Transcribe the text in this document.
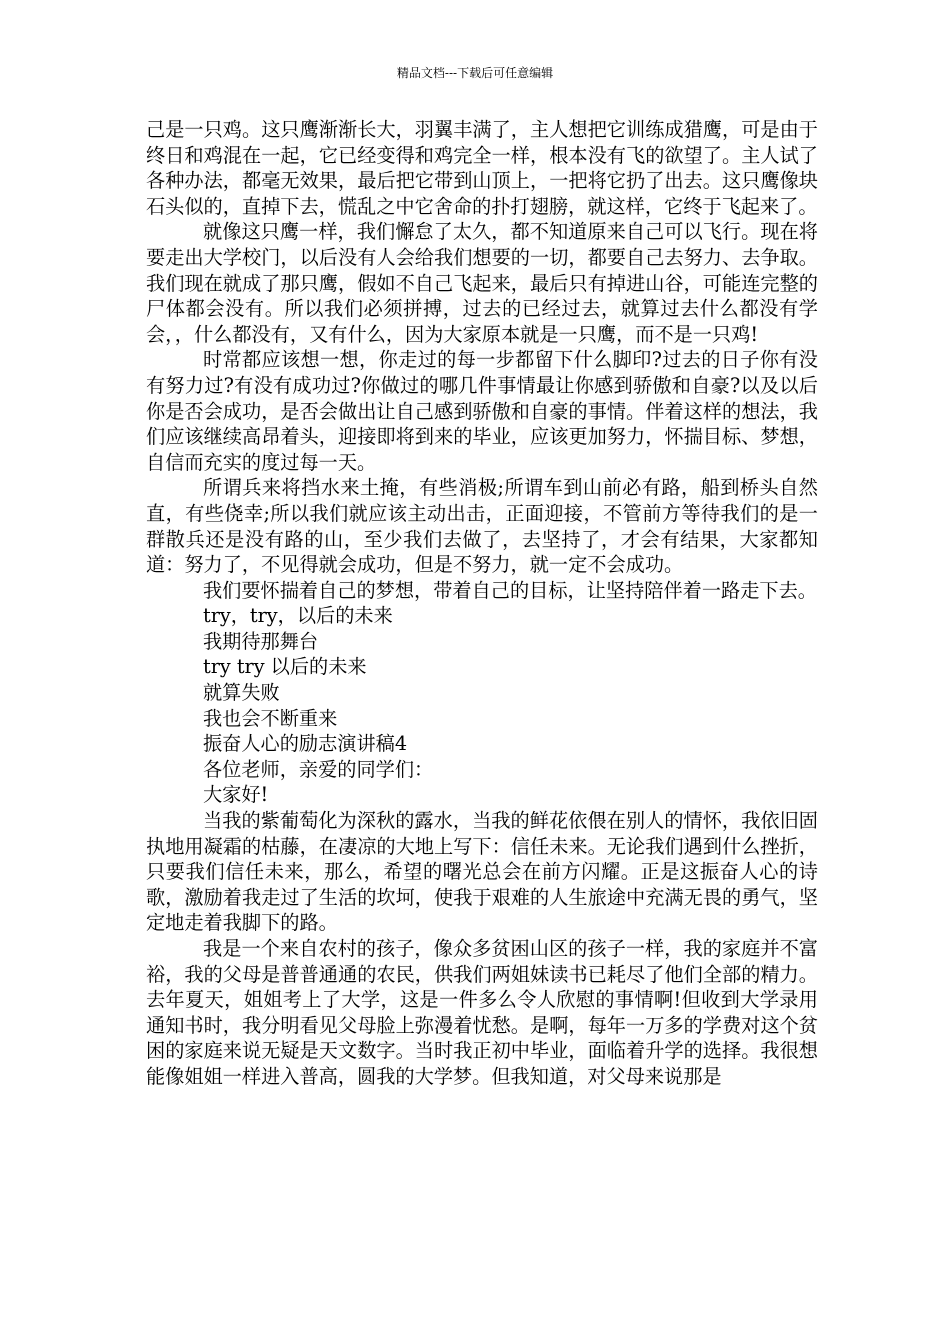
精品文档---下载后可任意编辑

己是一只鸡。这只鹰渐渐长大，羽翼丰满了，主人想把它训练成猎鹰，可是由于终日和鸡混在一起，它已经变得和鸡完全一样，根本没有飞的欲望了。主人试了各种办法，都毫无效果，最后把它带到山顶上，一把将它扔了出去。这只鹰像块石头似的，直掉下去，慌乱之中它舍命的扑打翅膀，就这样，它终于飞起来了。

就像这只鹰一样，我们懈怠了太久，都不知道原来自己可以飞行。现在将要走出大学校门，以后没有人会给我们想要的一切，都要自己去努力、去争取。我们现在就成了那只鹰，假如不自己飞起来，最后只有掉进山谷，可能连完整的尸体都会没有。所以我们必须拼搏，过去的已经过去，就算过去什么都没有学会，，什么都没有，又有什么，因为大家原本就是一只鹰，而不是一只鸡!

时常都应该想一想，你走过的每一步都留下什么脚印?过去的日子你有没有努力过?有没有成功过?你做过的哪几件事情最让你感到骄傲和自豪?以及以后你是否会成功，是否会做出让自己感到骄傲和自豪的事情。伴着这样的想法，我们应该继续高昂着头，迎接即将到来的毕业，应该更加努力，怀揣目标、梦想，自信而充实的度过每一天。

所谓兵来将挡水来土掩，有些消极;所谓车到山前必有路，船到桥头自然直，有些侥幸;所以我们就应该主动出击，正面迎接，不管前方等待我们的是一群散兵还是没有路的山，至少我们去做了，去坚持了，才会有结果，大家都知道：努力了，不见得就会成功，但是不努力，就一定不会成功。

我们要怀揣着自己的梦想，带着自己的目标，让坚持陪伴着一路走下去。

try，try，以后的未来

我期待那舞台

try try 以后的未来

就算失败

我也会不断重来

振奋人心的励志演讲稿4

各位老师，亲爱的同学们：

大家好!

当我的紫葡萄化为深秋的露水，当我的鲜花依偎在别人的情怀，我依旧固执地用凝霜的枯藤，在凄凉的大地上写下：信任未来。无论我们遇到什么挫折，只要我们信任未来，那么，希望的曙光总会在前方闪耀。正是这振奋人心的诗歌，激励着我走过了生活的坎坷，使我于艰难的人生旅途中充满无畏的勇气，坚定地走着我脚下的路。

我是一个来自农村的孩子，像众多贫困山区的孩子一样，我的家庭并不富裕，我的父母是普普通通的农民，供我们两姐妹读书已耗尽了他们全部的精力。去年夏天，姐姐考上了大学，这是一件多么令人欣慰的事情啊!但收到大学录用通知书时，我分明看见父母脸上弥漫着忧愁。是啊，每年一万多的学费对这个贫困的家庭来说无疑是天文数字。当时我正初中毕业，面临着升学的选择。我很想能像姐姐一样进入普高，圆我的大学梦。但我知道，对父母来说那是
